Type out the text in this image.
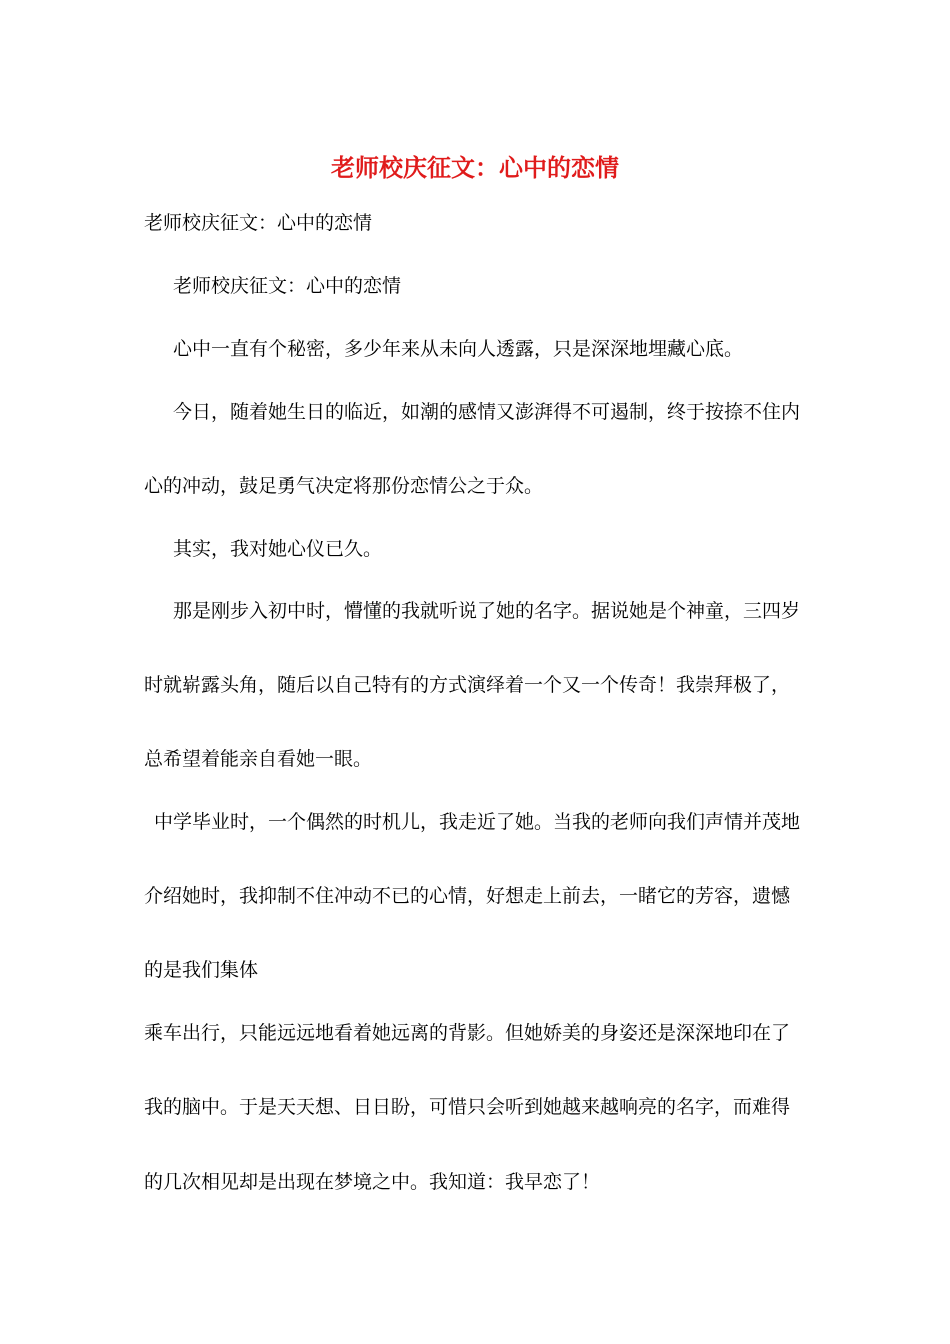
老师校庆征文：心中的恋情
老师校庆征文：心中的恋情
老师校庆征文：心中的恋情
心中一直有个秘密，多少年来从未向人透露，只是深深地埋藏心底。
今日，随着她生日的临近，如潮的感情又澎湃得不可遏制，终于按捺不住内
心的冲动，鼓足勇气决定将那份恋情公之于众。
其实，我对她心仪已久。
那是刚步入初中时，懵懂的我就听说了她的名字。据说她是个神童，三四岁
时就崭露头角，随后以自己特有的方式演绎着一个又一个传奇！我崇拜极了，
总希望着能亲自看她一眼。
中学毕业时，一个偶然的时机儿，我走近了她。当我的老师向我们声情并茂地
介绍她时，我抑制不住冲动不已的心情，好想走上前去，一睹它的芳容，遗憾
的是我们集体
乘车出行，只能远远地看着她远离的背影。但她娇美的身姿还是深深地印在了
我的脑中。于是天天想、日日盼，可惜只会听到她越来越响亮的名字，而难得
的几次相见却是出现在梦境之中。我知道：我早恋了！
